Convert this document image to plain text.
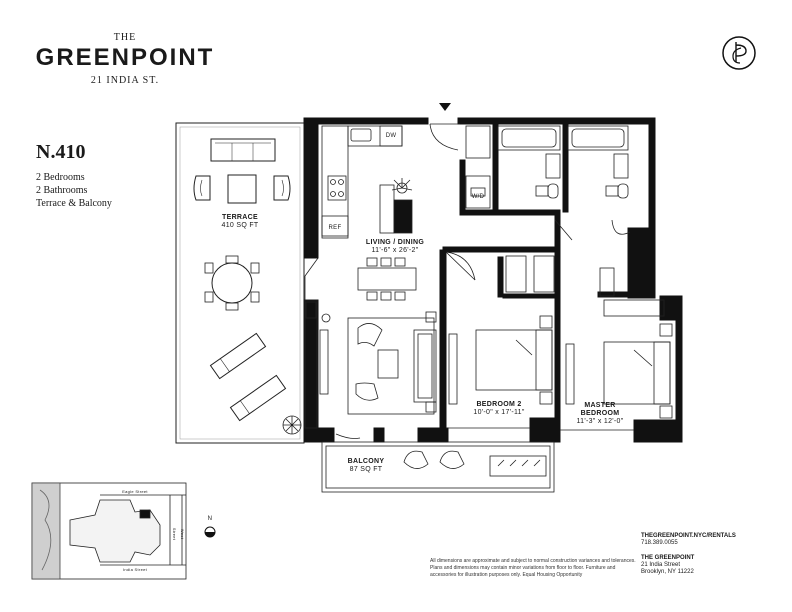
THE
GREENPOINT
21 INDIA ST.
N.410
2 Bedrooms
2 Bathrooms
Terrace & Balcony
TERRACE
410 SQ FT
LIVING / DINING
11'-6" x 26'-2"
BEDROOM 2
10'-0" x 17'-11"
MASTER
BEDROOM
11'-3" x 12'-0"
BALCONY
87 SQ FT
DW
REF
W/D
Eagle Street
India Street
West Street
N
All dimensions are approximate and subject to normal construction variances and tolerances. Plans and dimensions may contain minor variations from floor to floor. Furniture and accessories for illustration purposes only. Equal Housing Opportunity
THEGREENPOINT.NYC/RENTALS
718.389.0055
THE GREENPOINT
21 India Street
Brooklyn, NY 11222
